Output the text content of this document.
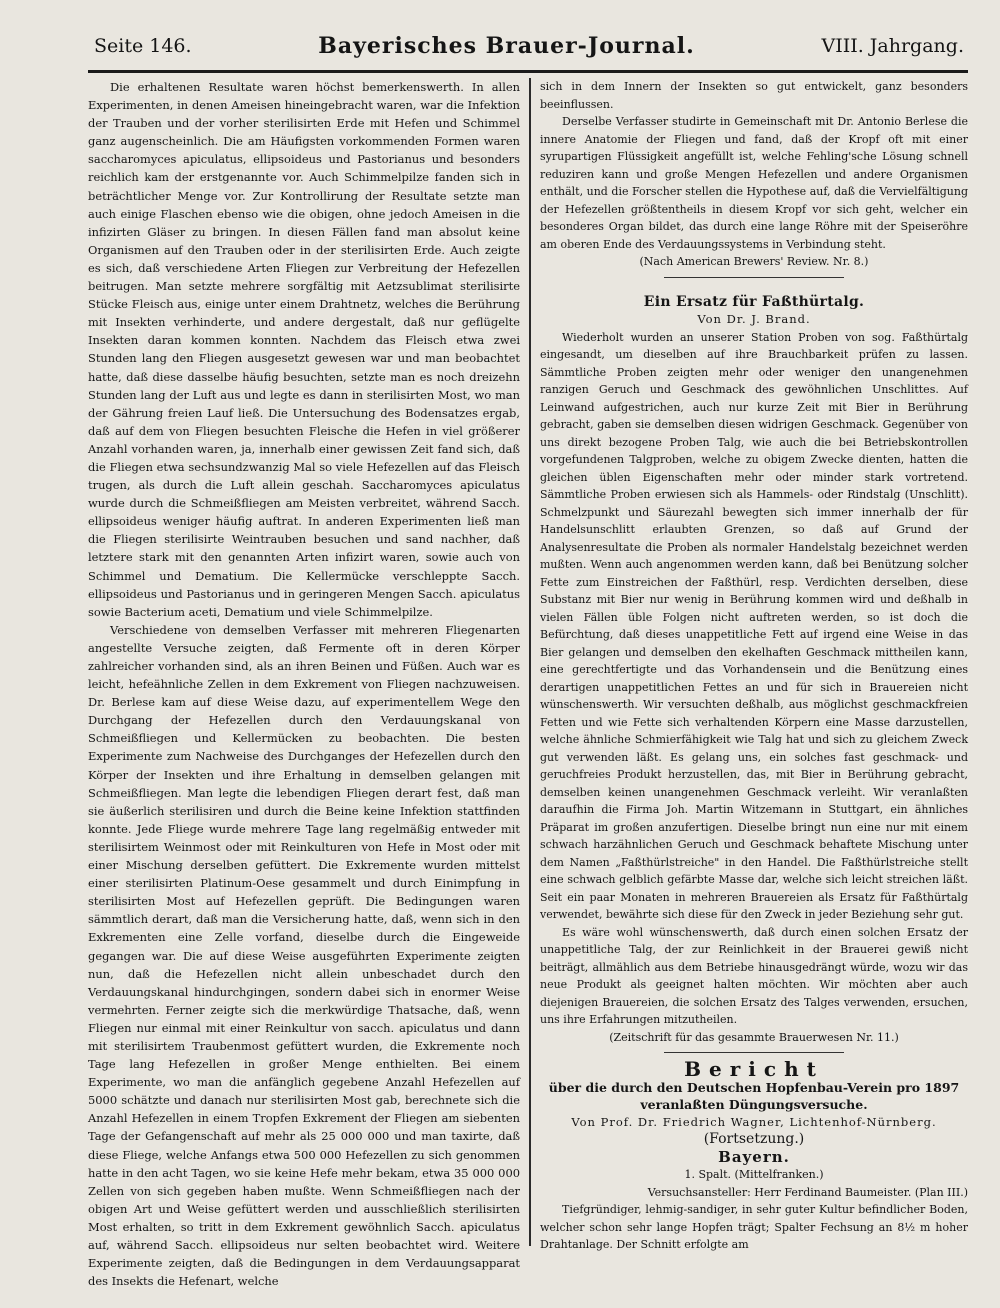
Seite 146.	Bayerisches Brauer-Journal.	VIII. Jahrgang.

Die erhaltenen Resultate waren höchst bemerkenswerth. In allen Experimenten, in denen Ameisen hineingebracht waren, war die Infektion der Trauben und der vorher sterilisirten Erde mit Hefen und Schimmel ganz augenscheinlich. Die am Häufigsten vorkommenden Formen waren saccharomyces apiculatus, ellipsoideus und Pastorianus und besonders reichlich kam der erstgenannte vor. Auch Schimmelpilze fanden sich in beträchtlicher Menge vor. Zur Kontrollirung der Resultate setzte man auch einige Flaschen ebenso wie die obigen, ohne jedoch Ameisen in die infizirten Gläser zu bringen. In diesen Fällen fand man absolut keine Organismen auf den Trauben oder in der sterilisirten Erde. Auch zeigte es sich, daß verschiedene Arten Fliegen zur Verbreitung der Hefezellen beitrugen. Man setzte mehrere sorgfältig mit Aetzsublimat sterilisirte Stücke Fleisch aus, einige unter einem Drahtnetz, welches die Berührung mit Insekten verhinderte, und andere dergestalt, daß nur geflügelte Insekten daran kommen konnten. Nachdem das Fleisch etwa zwei Stunden lang den Fliegen ausgesetzt gewesen war und man beobachtet hatte, daß diese dasselbe häufig besuchten, setzte man es noch dreizehn Stunden lang der Luft aus und legte es dann in sterilisirten Most, wo man der Gährung freien Lauf ließ. Die Untersuchung des Bodensatzes ergab, daß auf dem von Fliegen besuchten Fleische die Hefen in viel größerer Anzahl vorhanden waren, ja, innerhalb einer gewissen Zeit fand sich, daß die Fliegen etwa sechsundzwanzig Mal so viele Hefezellen auf das Fleisch trugen, als durch die Luft allein geschah. Saccharomyces apiculatus wurde durch die Schmeißfliegen am Meisten verbreitet, während Sacch. ellipsoideus weniger häufig auftrat. In anderen Experimenten ließ man die Fliegen sterilisirte Weintrauben besuchen und sand nachher, daß letztere stark mit den genannten Arten infizirt waren, sowie auch von Schimmel und Dematium. Die Kellermücke verschleppte Sacch. ellipsoideus und Pastorianus und in geringeren Mengen Sacch. apiculatus sowie Bacterium aceti, Dematium und viele Schimmelpilze.

Verschiedene von demselben Verfasser mit mehreren Fliegenarten angestellte Versuche zeigten, daß Fermente oft in deren Körper zahlreicher vorhanden sind, als an ihren Beinen und Füßen. Auch war es leicht, hefeähnliche Zellen in dem Exkrement von Fliegen nachzuweisen. Dr. Berlese kam auf diese Weise dazu, auf experimentellem Wege den Durchgang der Hefezellen durch den Verdauungskanal von Schmeißfliegen und Kellermücken zu beobachten. Die besten Experimente zum Nachweise des Durchganges der Hefezellen durch den Körper der Insekten und ihre Erhaltung in demselben gelangen mit Schmeißfliegen. Man legte die lebendigen Fliegen derart fest, daß man sie äußerlich sterilisiren und durch die Beine keine Infektion stattfinden konnte. Jede Fliege wurde mehrere Tage lang regelmäßig entweder mit sterilisirtem Weinmost oder mit Reinkulturen von Hefe in Most oder mit einer Mischung derselben gefüttert. Die Exkremente wurden mittelst einer sterilisirten Platinum-Oese gesammelt und durch Einimpfung in sterilisirten Most auf Hefezellen geprüft. Die Bedingungen waren sämmtlich derart, daß man die Versicherung hatte, daß, wenn sich in den Exkrementen eine Zelle vorfand, dieselbe durch die Eingeweide gegangen war. Die auf diese Weise ausgeführten Experimente zeigten nun, daß die Hefezellen nicht allein unbeschadet durch den Verdauungskanal hindurchgingen, sondern dabei sich in enormer Weise vermehrten. Ferner zeigte sich die merkwürdige Thatsache, daß, wenn Fliegen nur einmal mit einer Reinkultur von sacch. apiculatus und dann mit sterilisirtem Traubenmost gefüttert wurden, die Exkremente noch Tage lang Hefezellen in großer Menge enthielten. Bei einem Experimente, wo man die anfänglich gegebene Anzahl Hefezellen auf 5000 schätzte und danach nur sterilisirten Most gab, berechnete sich die Anzahl Hefezellen in einem Tropfen Exkrement der Fliegen am siebenten Tage der Gefangenschaft auf mehr als 25 000 000 und man taxirte, daß diese Fliege, welche Anfangs etwa 500 000 Hefezellen zu sich genommen hatte in den acht Tagen, wo sie keine Hefe mehr bekam, etwa 35 000 000 Zellen von sich gegeben haben mußte. Wenn Schmeißfliegen nach der obigen Art und Weise gefüttert werden und ausschließlich sterilisirten Most erhalten, so tritt in dem Exkrement gewöhnlich Sacch. apiculatus auf, während Sacch. ellipsoideus nur selten beobachtet wird. Weitere Experimente zeigten, daß die Bedingungen in dem Verdauungsapparat des Insekts die Hefenart, welche

sich in dem Innern der Insekten so gut entwickelt, ganz besonders beeinflussen.

Derselbe Verfasser studirte in Gemeinschaft mit Dr. Antonio Berlese die innere Anatomie der Fliegen und fand, daß der Kropf oft mit einer syrupartigen Flüssigkeit angefüllt ist, welche Fehling'sche Lösung schnell reduziren kann und große Mengen Hefezellen und andere Organismen enthält, und die Forscher stellen die Hypothese auf, daß die Vervielfältigung der Hefezellen größtentheils in diesem Kropf vor sich geht, welcher ein besonderes Organ bildet, das durch eine lange Röhre mit der Speiseröhre am oberen Ende des Verdauungssystems in Verbindung steht.

(Nach American Brewers' Review. Nr. 8.)

Ein Ersatz für Faßthürtalg.

Von Dr. J. Brand.

Wiederholt wurden an unserer Station Proben von sog. Faßthürtalg eingesandt, um dieselben auf ihre Brauchbarkeit prüfen zu lassen. Sämmtliche Proben zeigten mehr oder weniger den unangenehmen ranzigen Geruch und Geschmack des gewöhnlichen Unschlittes. Auf Leinwand aufgestrichen, auch nur kurze Zeit mit Bier in Berührung gebracht, gaben sie demselben diesen widrigen Geschmack. Gegenüber von uns direkt bezogene Proben Talg, wie auch die bei Betriebskontrollen vorgefundenen Talgproben, welche zu obigem Zwecke dienten, hatten die gleichen üblen Eigenschaften mehr oder minder stark vortretend. Sämmtliche Proben erwiesen sich als Hammels- oder Rindstalg (Unschlitt). Schmelzpunkt und Säurezahl bewegten sich immer innerhalb der für Handelsunschlitt erlaubten Grenzen, so daß auf Grund der Analysenresultate die Proben als normaler Handelstalg bezeichnet werden mußten. Wenn auch angenommen werden kann, daß bei Benützung solcher Fette zum Einstreichen der Faßthürl, resp. Verdichten derselben, diese Substanz mit Bier nur wenig in Berührung kommen wird und deßhalb in vielen Fällen üble Folgen nicht auftreten werden, so ist doch die Befürchtung, daß dieses unappetitliche Fett auf irgend eine Weise in das Bier gelangen und demselben den ekelhaften Geschmack mittheilen kann, eine gerechtfertigte und das Vorhandensein und die Benützung eines derartigen unappetitlichen Fettes an und für sich in Brauereien nicht wünschenswerth. Wir versuchten deßhalb, aus möglichst geschmackfreien Fetten und wie Fette sich verhaltenden Körpern eine Masse darzustellen, welche ähnliche Schmierfähigkeit wie Talg hat und sich zu gleichem Zweck gut verwenden läßt. Es gelang uns, ein solches fast geschmack- und geruchfreies Produkt herzustellen, das, mit Bier in Berührung gebracht, demselben keinen unangenehmen Geschmack verleiht. Wir veranlaßten daraufhin die Firma Joh. Martin Witzemann in Stuttgart, ein ähnliches Präparat im großen anzufertigen. Dieselbe bringt nun eine nur mit einem schwach harzähnlichen Geruch und Geschmack behaftete Mischung unter dem Namen „Faßthürlstreiche" in den Handel. Die Faßthürlstreiche stellt eine schwach gelblich gefärbte Masse dar, welche sich leicht streichen läßt. Seit ein paar Monaten in mehreren Brauereien als Ersatz für Faßthürtalg verwendet, bewährte sich diese für den Zweck in jeder Beziehung sehr gut.

Es wäre wohl wünschenswerth, daß durch einen solchen Ersatz der unappetitliche Talg, der zur Reinlichkeit in der Brauerei gewiß nicht beiträgt, allmählich aus dem Betriebe hinausgedrängt würde, wozu wir das neue Produkt als geeignet halten möchten. Wir möchten aber auch diejenigen Brauereien, die solchen Ersatz des Talges verwenden, ersuchen, uns ihre Erfahrungen mitzutheilen.

(Zeitschrift für das gesammte Brauerwesen Nr. 11.)

Bericht

über die durch den Deutschen Hopfenbau-Verein pro 1897 veranlaßten Düngungsversuche.

Von Prof. Dr. Friedrich Wagner, Lichtenhof-Nürnberg.

(Fortsetzung.)

Bayern.

1. Spalt. (Mittelfranken.)

Versuchsansteller: Herr Ferdinand Baumeister. (Plan III.)

Tiefgründiger, lehmig-sandiger, in sehr guter Kultur befindlicher Boden, welcher schon sehr lange Hopfen trägt; Spalter Fechsung an 8½ m hoher Drahtanlage. Der Schnitt erfolgte am
